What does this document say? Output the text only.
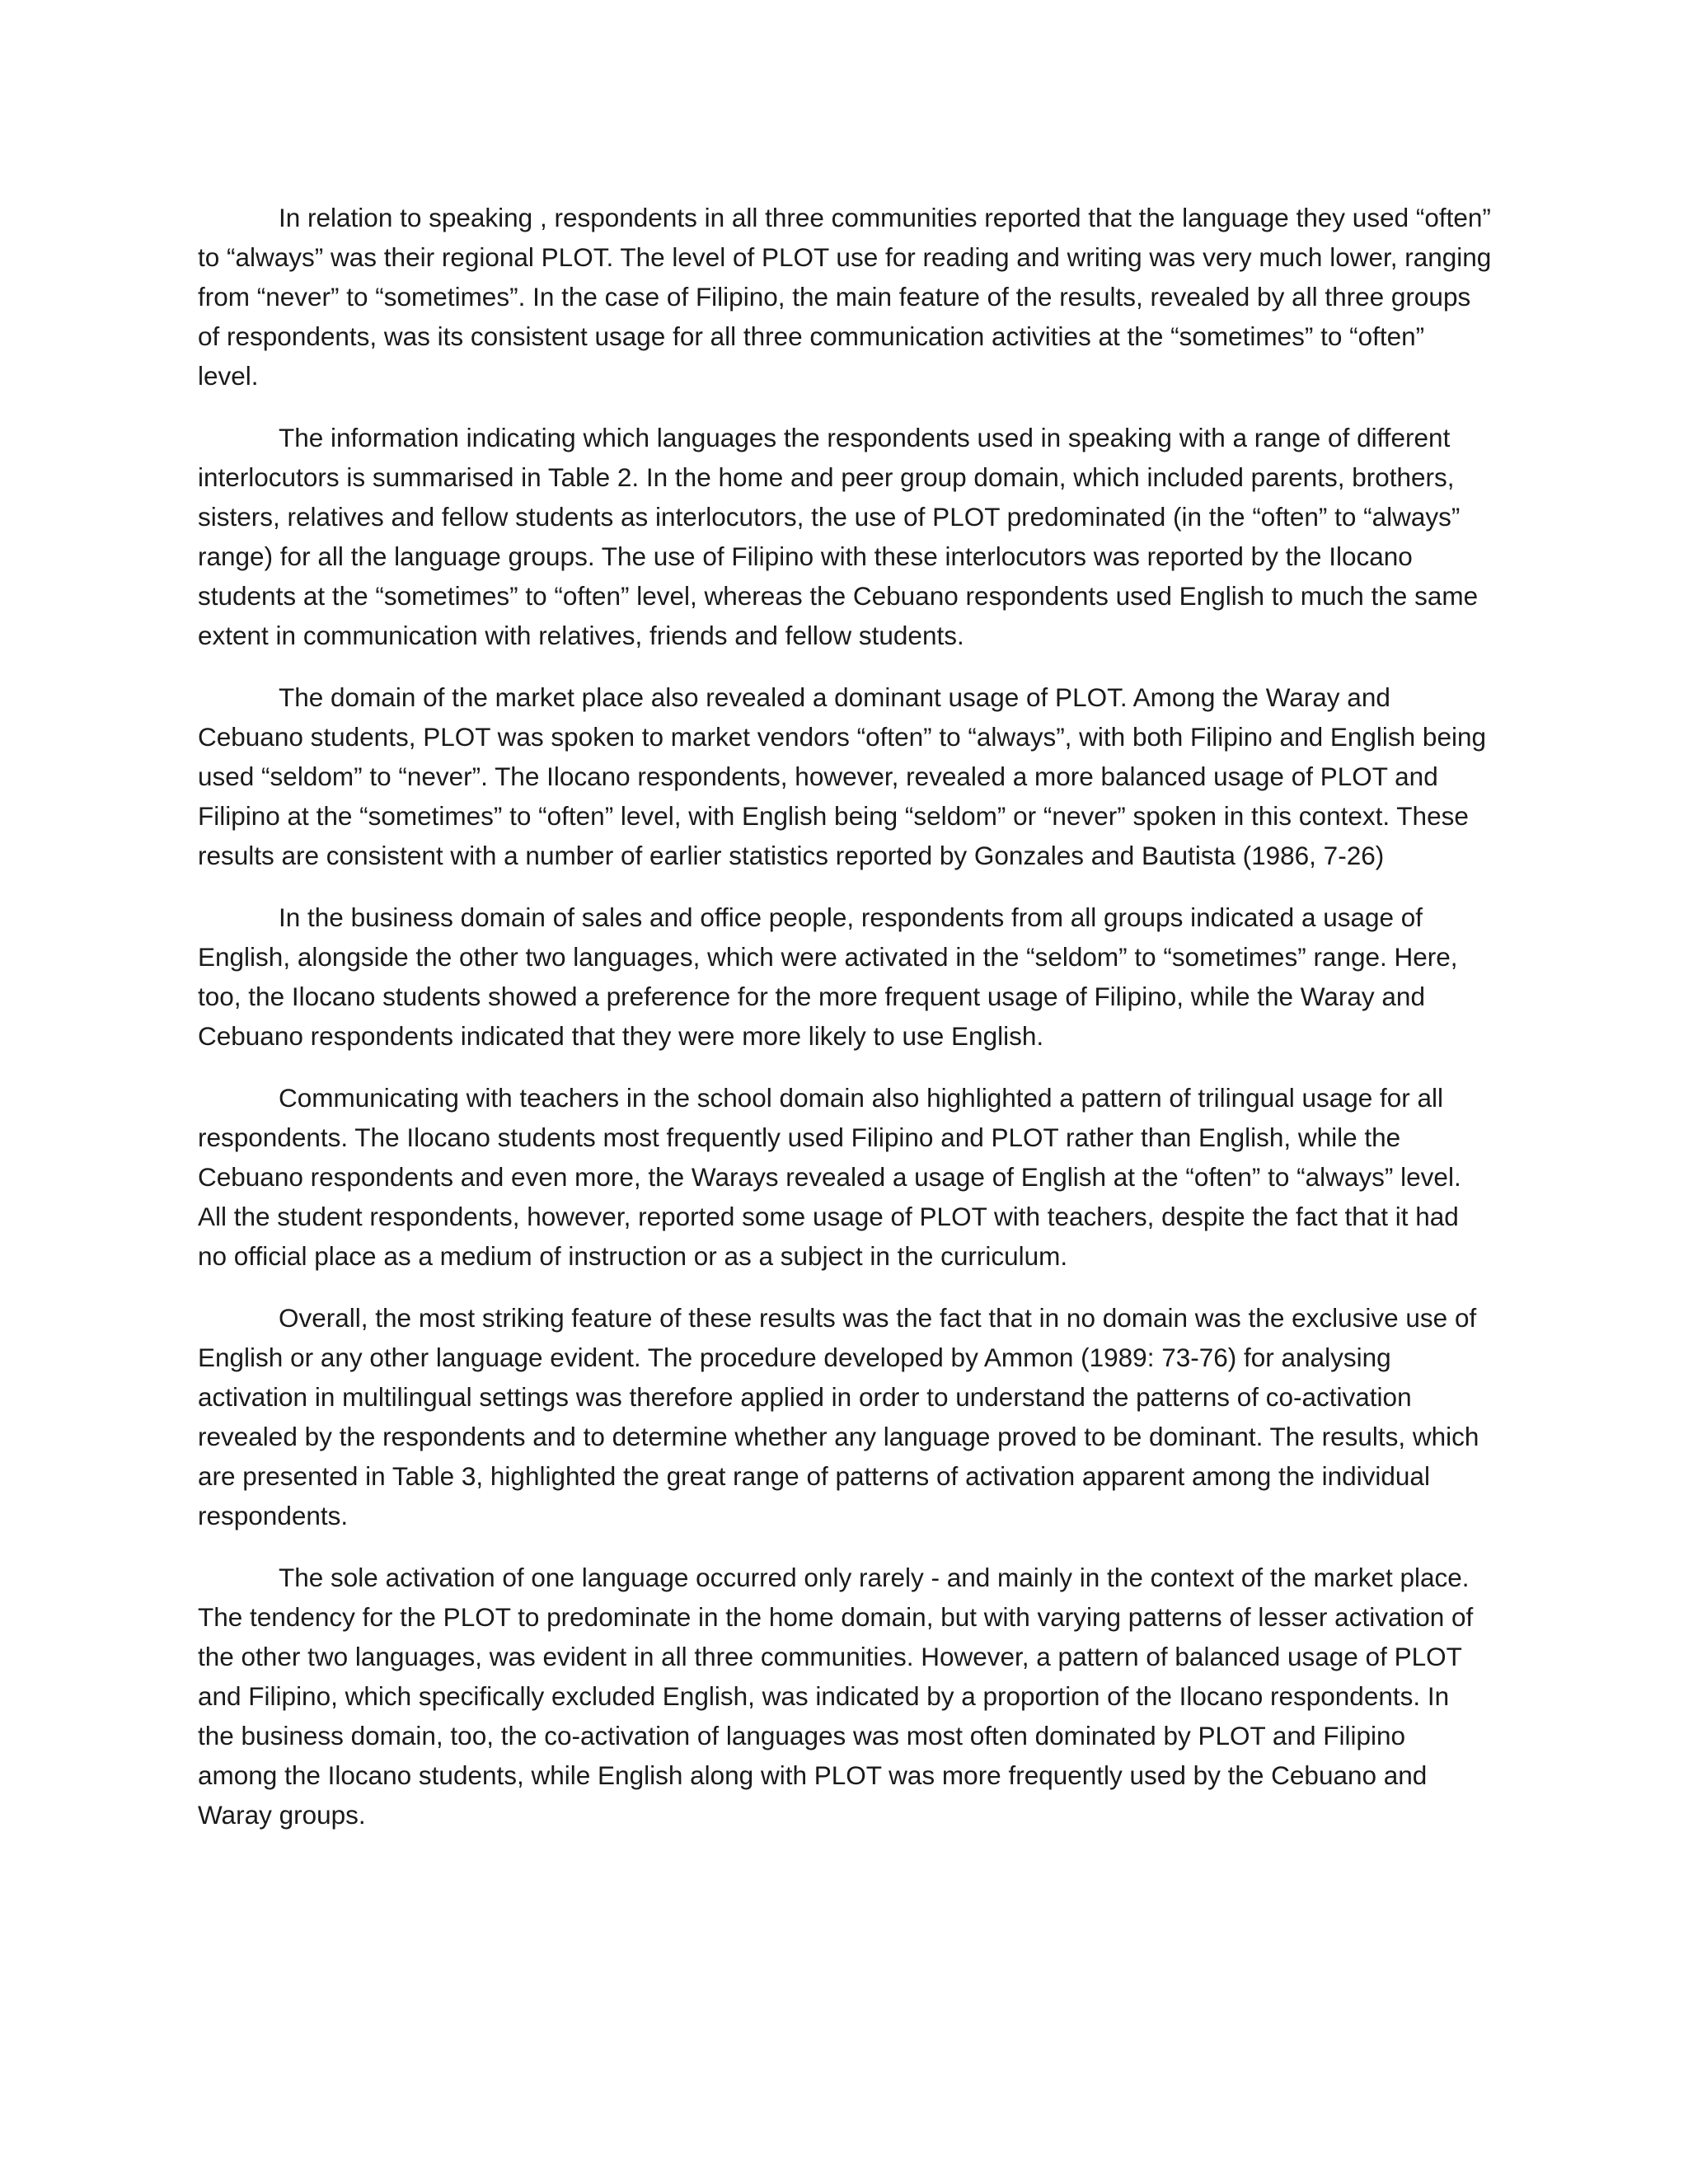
In relation to speaking , respondents in all three communities reported that the language they used “often” to “always” was their regional PLOT. The level of PLOT use for reading and writing was very much lower, ranging from “never” to “sometimes”. In the case of Filipino, the main feature of the results, revealed by all three groups of respondents, was its consistent usage for all three communication activities at the “sometimes” to “often” level.

The information indicating which languages the respondents used in speaking with a range of different interlocutors is summarised in Table 2. In the home and peer group domain, which included parents, brothers, sisters, relatives and fellow students as interlocutors, the use of PLOT predominated (in the “often” to “always” range) for all the language groups. The use of Filipino with these interlocutors was reported by the Ilocano students at the “sometimes” to “often” level, whereas the Cebuano respondents used English to much the same extent in communication with relatives, friends and fellow students.

The domain of the market place also revealed a dominant usage of PLOT. Among the Waray and Cebuano students, PLOT was spoken to market vendors “often” to “always”, with both Filipino and English being used “seldom” to “never”. The Ilocano respondents, however, revealed a more balanced usage of PLOT and Filipino at the “sometimes” to “often” level, with English being “seldom” or “never” spoken in this context. These results are consistent with a number of earlier statistics reported by Gonzales and Bautista (1986, 7-26)

In the business domain of sales and office people, respondents from all groups indicated a usage of English, alongside the other two languages, which were activated in the “seldom” to “sometimes” range. Here, too, the Ilocano students showed a preference for the more frequent usage of Filipino, while the Waray and Cebuano respondents indicated that they were more likely to use English.

Communicating with teachers in the school domain also highlighted a pattern of trilingual usage for all respondents. The Ilocano students most frequently used Filipino and PLOT rather than English, while the Cebuano respondents and even more, the Warays revealed a usage of English at the “often” to “always” level. All the student respondents, however, reported some usage of PLOT with teachers, despite the fact that it had no official place as a medium of instruction or as a subject in the curriculum.

Overall, the most striking feature of these results was the fact that in no domain was the exclusive use of English or any other language evident. The procedure developed by Ammon (1989: 73-76) for analysing activation in multilingual settings was therefore applied in order to understand the patterns of co-activation revealed by the respondents and to determine whether any language proved to be dominant. The results, which are presented in Table 3, highlighted the great range of patterns of activation apparent among the individual respondents.

The sole activation of one language occurred only rarely - and mainly in the context of the market place. The tendency for the PLOT to predominate in the home domain, but with varying patterns of lesser activation of the other two languages, was evident in all three communities. However, a pattern of balanced usage of PLOT and Filipino, which specifically excluded English, was indicated by a proportion of the Ilocano respondents. In the business domain, too, the co-activation of languages was most often dominated by PLOT and Filipino among the Ilocano students, while English along with PLOT was more frequently used by the Cebuano and Waray groups.
